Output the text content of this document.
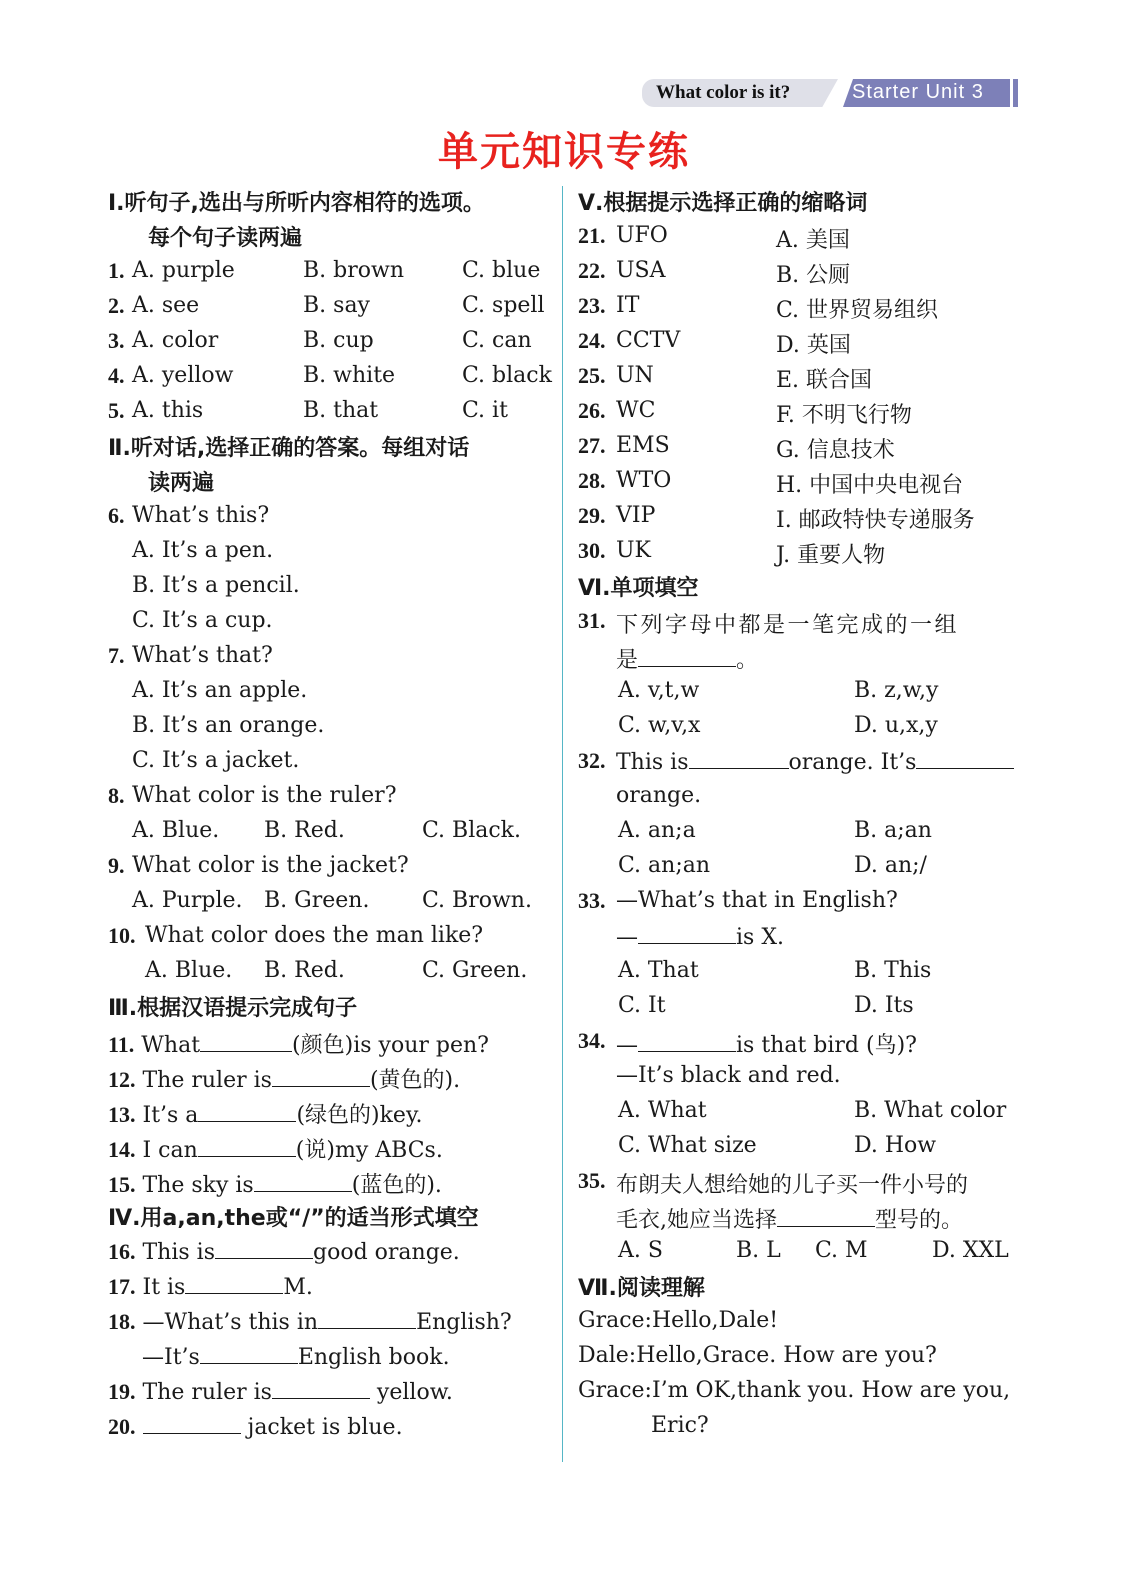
What color is it?	Starter Unit 3
单元知识专练
Ⅰ.听句子,选出与所听内容相符的选项。
每个句子读两遍
1. A. purple	B. brown	C. blue
2. A. see	B. say	C. spell
3. A. color	B. cup	C. can
4. A. yellow	B. white	C. black
5. A. this	B. that	C. it
Ⅱ.听对话,选择正确的答案。每组对话
读两遍
6. What’s this?
A. It’s a pen.
B. It’s a pencil.
C. It’s a cup.
7. What’s that?
A. It’s an apple.
B. It’s an orange.
C. It’s a jacket.
8. What color is the ruler?
A. Blue. B. Red.	C. Black.
9. What color is the jacket?
A. Purple. B. Green. C. Brown.
10. What color does the man like?
A. Blue. B. Red.	C. Green.
Ⅲ.根据汉语提示完成句子
11. What	(颜色)is your pen?
12. The ruler is	(黄色的).
13. It’s a	(绿色的)key.
14. I can	(说)my ABCs.
15. The sky is	(蓝色的).
Ⅳ.用a,an,the或“/”的适当形式填空
16. This is	good orange.
17. It is	M.
18. —What’s this in	English?
—It’s	English book.
19. The ruler is	yellow.
20.	jacket is blue.
Ⅴ.根据提示选择正确的缩略词
21. UFO	A. 美国
22. USA	B. 公厕
23. IT	C. 世界贸易组织
24. CCTV	D. 英国
25. UN	E. 联合国
26. WC	F. 不明飞行物
27. EMS	G. 信息技术
28. WTO	H. 中国中央电视台
29. VIP	I. 邮政特快专递服务
30. UK	J. 重要人物
Ⅵ.单项填空
31. 下列字母中都是一笔完成的一组
是	。
A. v,t,w	B. z,w,y
C. w,v,x	D. u,x,y
32. This is	orange. It’s
orange.
A. an;a	B. a;an
C. an;an	D. an;/
33. —What’s that in English?
—	is X.
A. That	B. This
C. It	D. Its
34. —	is that bird (鸟)?
—It’s black and red.
A. What	B. What color
C. What size	D. How
35. 布朗夫人想给她的儿子买一件小号的
毛衣,她应当选择	型号的。
A. S	B. L C. M	D. XXL
Ⅶ.阅读理解
Grace:Hello,Dale!
Dale:Hello,Grace. How are you?
Grace:I’m OK,thank you. How are you,
Eric?
